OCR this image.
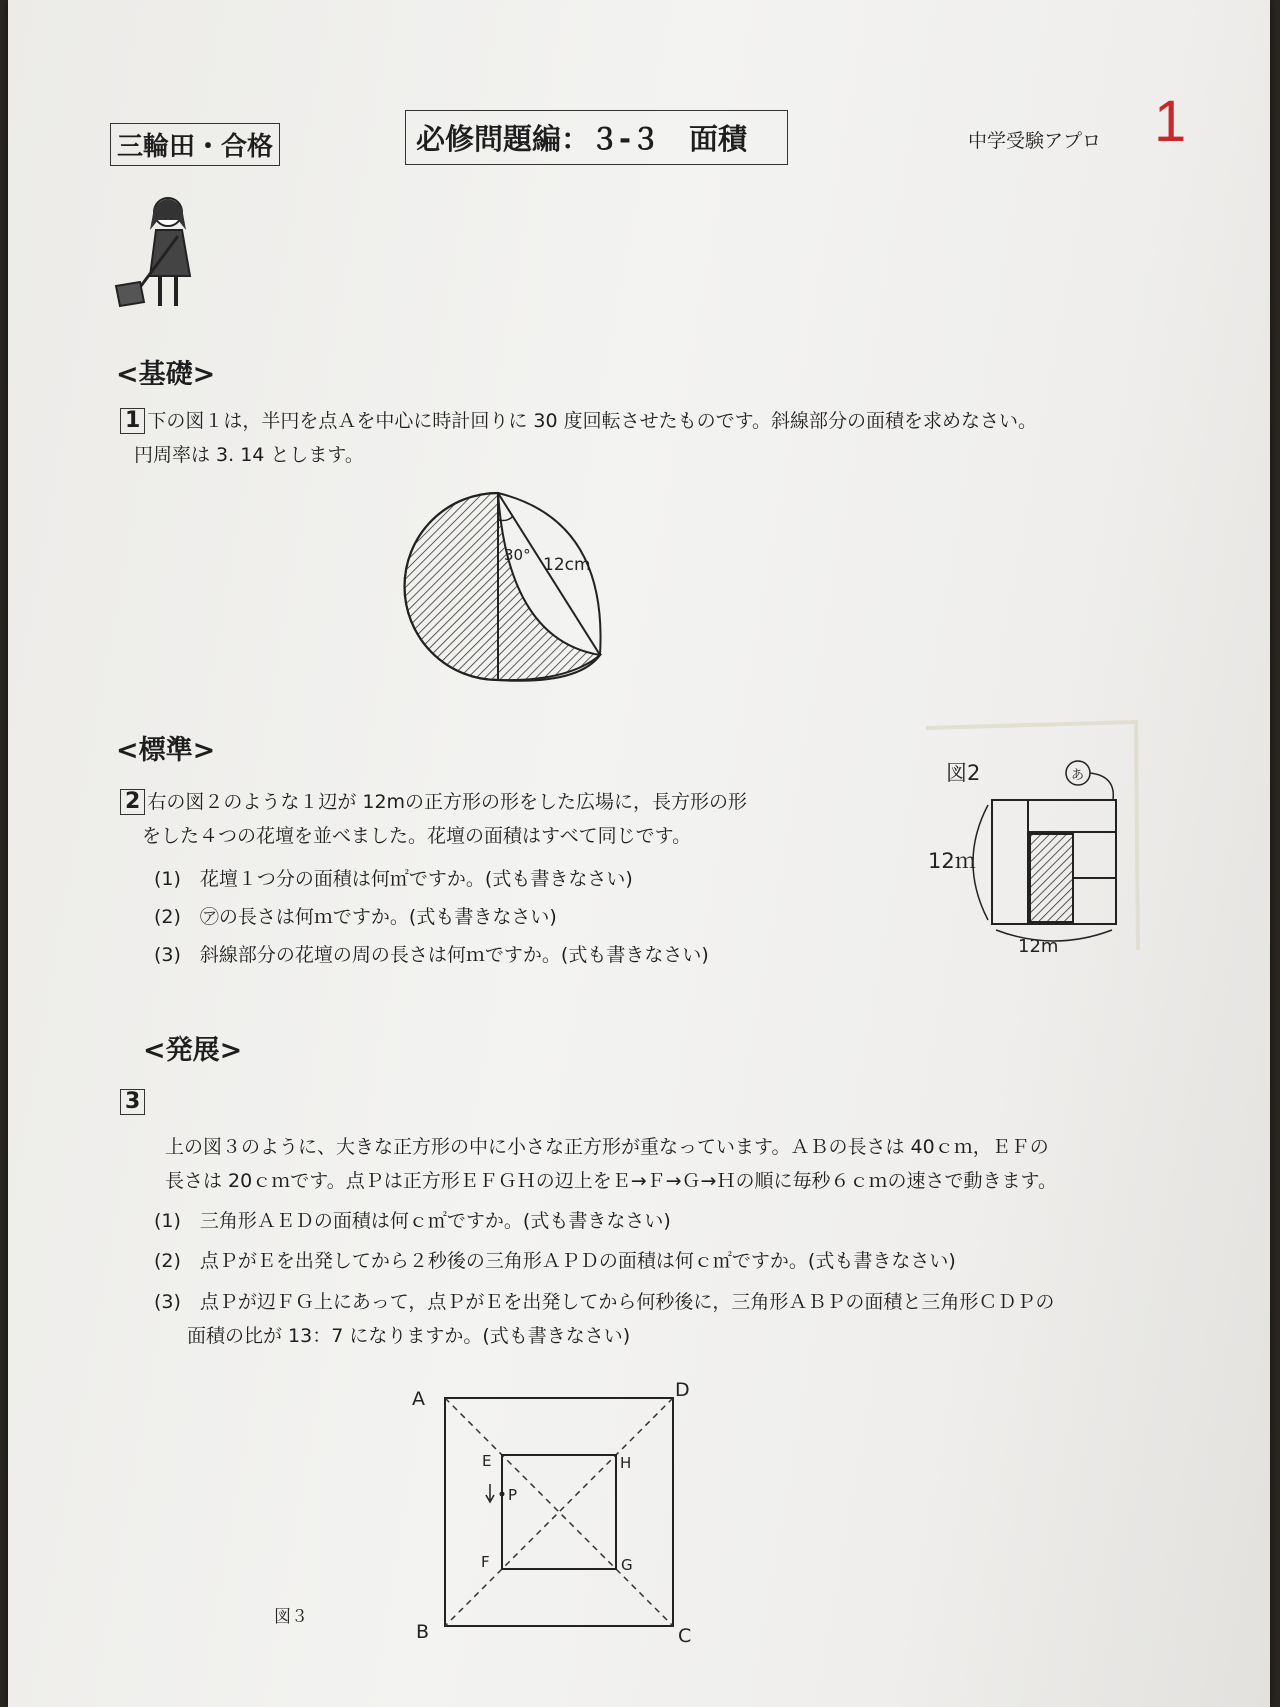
三輪田・合格	必修問題編：３-３　面積	中学受験アプロ 1
<基礎>
1 下の図１は，半円を点Ａを中心に時計回りに 30 度回転させたものです。斜線部分の面積を求めなさい。
円周率は 3. 14 とします。
30° 12cm
<標準>
2 右の図２のような１辺が 12mの正方形の形をした広場に，長方形の形
をした４つの花壇を並べました。花壇の面積はすべて同じです。
(1)　花壇１つ分の面積は何㎡ですか。(式も書きなさい)
(2)　㋐の長さは何ｍですか。(式も書きなさい)
(3)　斜線部分の花壇の周の長さは何ｍですか。(式も書きなさい)
図2	あ
12ｍ
12m
<発展>
3
上の図３のように、大きな正方形の中に小さな正方形が重なっています。ＡＢの長さは 40ｃｍ，ＥＦの
長さは 20ｃｍです。点Ｐは正方形ＥＦＧＨの辺上をＥ→Ｆ→Ｇ→Ｈの順に毎秒６ｃｍの速さで動きます。
(1)　三角形ＡＥＤの面積は何ｃ㎡ですか。(式も書きなさい)
(2)　点ＰがＥを出発してから２秒後の三角形ＡＰＤの面積は何ｃ㎡ですか。(式も書きなさい)
(3)　点Ｐが辺ＦＧ上にあって，点ＰがＥを出発してから何秒後に，三角形ＡＢＰの面積と三角形ＣＤＰの
面積の比が 13：7 になりますか。(式も書きなさい)
A	D
B	C
E
F	G
H
P
図３
